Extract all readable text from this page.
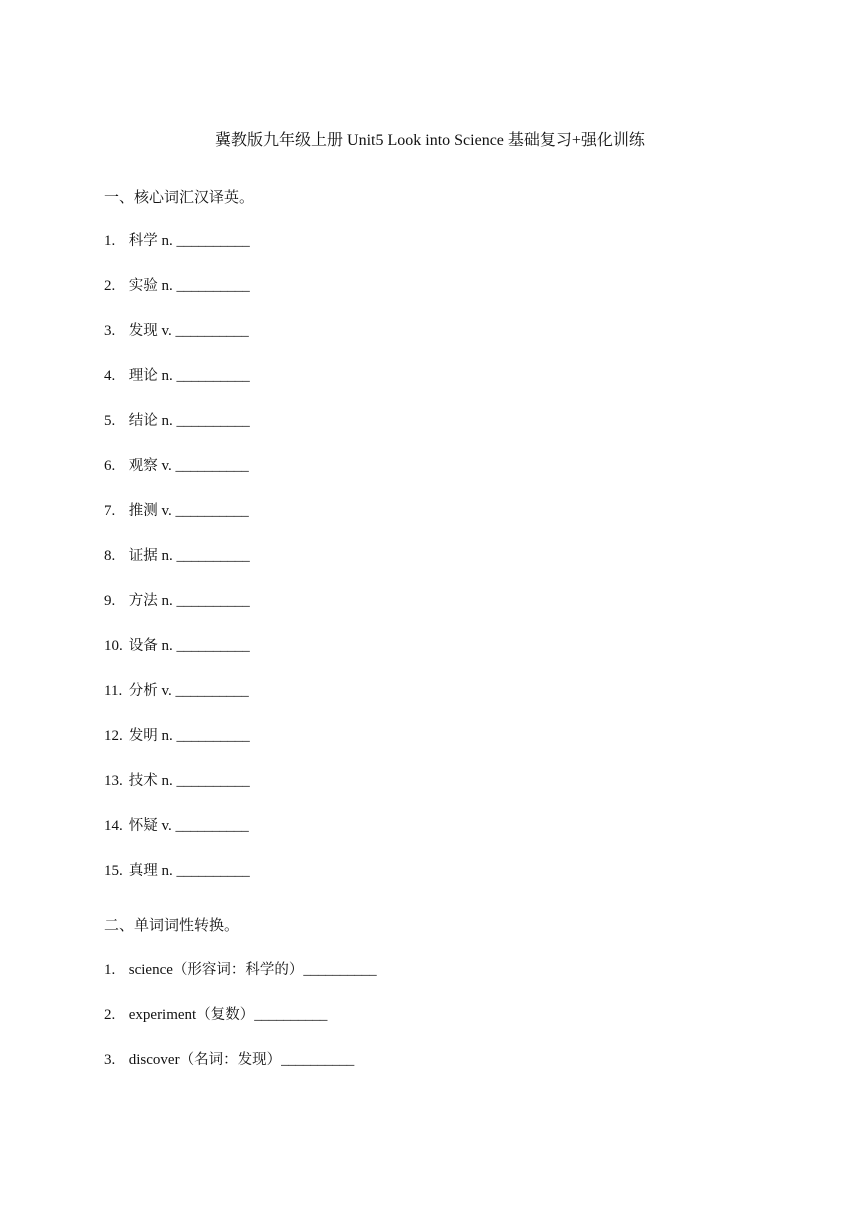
冀教版九年级上册 Unit5 Look into Science 基础复习+强化训练
一、核心词汇汉译英。
1. 科学 n. __________
2. 实验 n. __________
3. 发现 v. __________
4. 理论 n. __________
5. 结论 n. __________
6. 观察 v. __________
7. 推测 v. __________
8. 证据 n. __________
9. 方法 n. __________
10. 设备 n. __________
11. 分析 v. __________
12. 发明 n. __________
13. 技术 n. __________
14. 怀疑 v. __________
15. 真理 n. __________
二、单词词性转换。
1. science（形容词：科学的）__________
2. experiment（复数）__________
3. discover（名词：发现）__________
